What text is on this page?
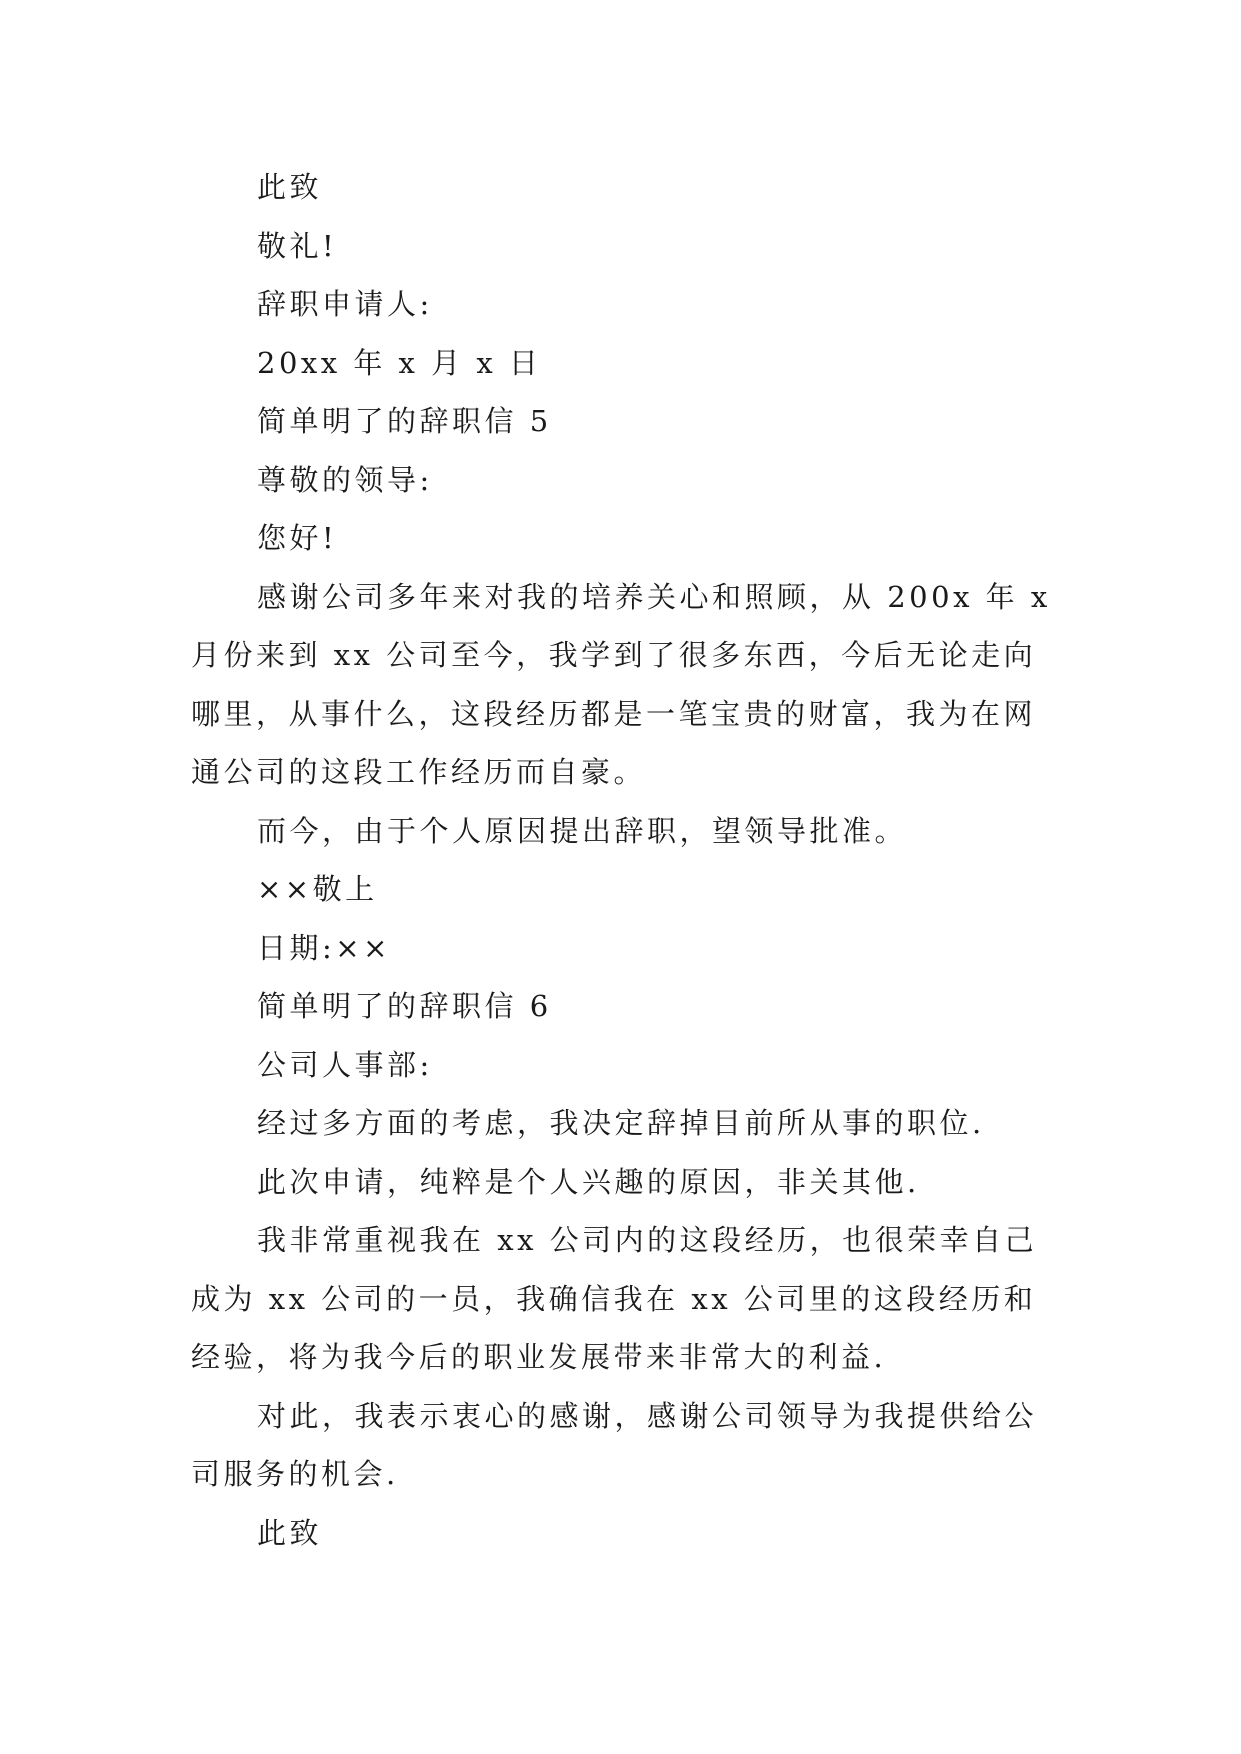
此致

敬礼!

辞职申请人:

20xx 年 x 月 x 日

简单明了的辞职信 5

尊敬的领导:

您好!

感谢公司多年来对我的培养关心和照顾，从 200x 年 x 月份来到 xx 公司至今，我学到了很多东西，今后无论走向哪里，从事什么，这段经历都是一笔宝贵的财富，我为在网通公司的这段工作经历而自豪。

而今，由于个人原因提出辞职，望领导批准。

××敬上

日期:××

简单明了的辞职信 6

公司人事部:

经过多方面的考虑，我决定辞掉目前所从事的职位.

此次申请，纯粹是个人兴趣的原因，非关其他.

我非常重视我在 xx 公司内的这段经历，也很荣幸自己成为 xx 公司的一员，我确信我在 xx 公司里的这段经历和经验，将为我今后的职业发展带来非常大的利益.

对此，我表示衷心的感谢，感谢公司领导为我提供给公司服务的机会.

此致
